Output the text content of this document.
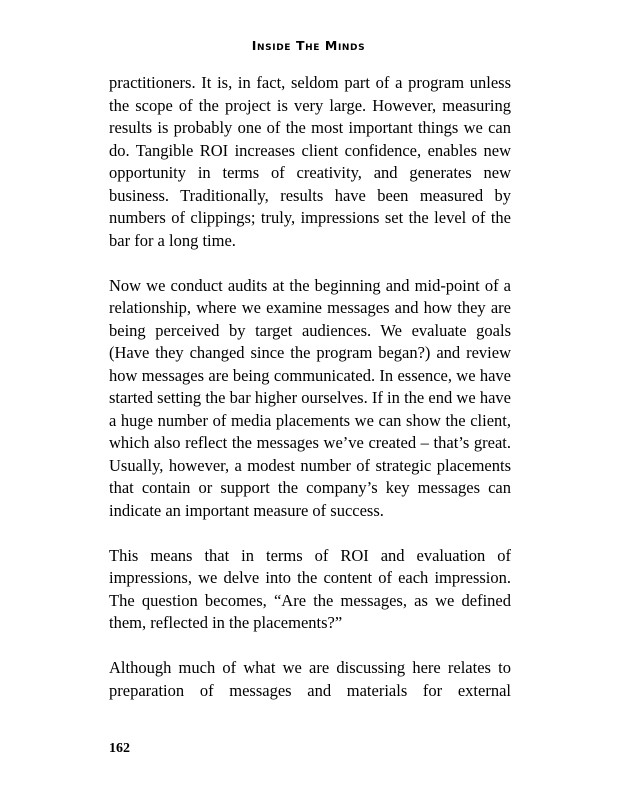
Inside The Minds

practitioners. It is, in fact, seldom part of a program unless the scope of the project is very large. However, measuring results is probably one of the most important things we can do. Tangible ROI increases client confidence, enables new opportunity in terms of creativity, and generates new business. Traditionally, results have been measured by numbers of clippings; truly, impressions set the level of the bar for a long time.

Now we conduct audits at the beginning and mid-point of a relationship, where we examine messages and how they are being perceived by target audiences. We evaluate goals (Have they changed since the program began?) and review how messages are being communicated. In essence, we have started setting the bar higher ourselves. If in the end we have a huge number of media placements we can show the client, which also reflect the messages we’ve created – that’s great. Usually, however, a modest number of strategic placements that contain or support the company’s key messages can indicate an important measure of success.

This means that in terms of ROI and evaluation of impressions, we delve into the content of each impression. The question becomes, “Are the messages, as we defined them, reflected in the placements?”

Although much of what we are discussing here relates to preparation of messages and materials for external

162
